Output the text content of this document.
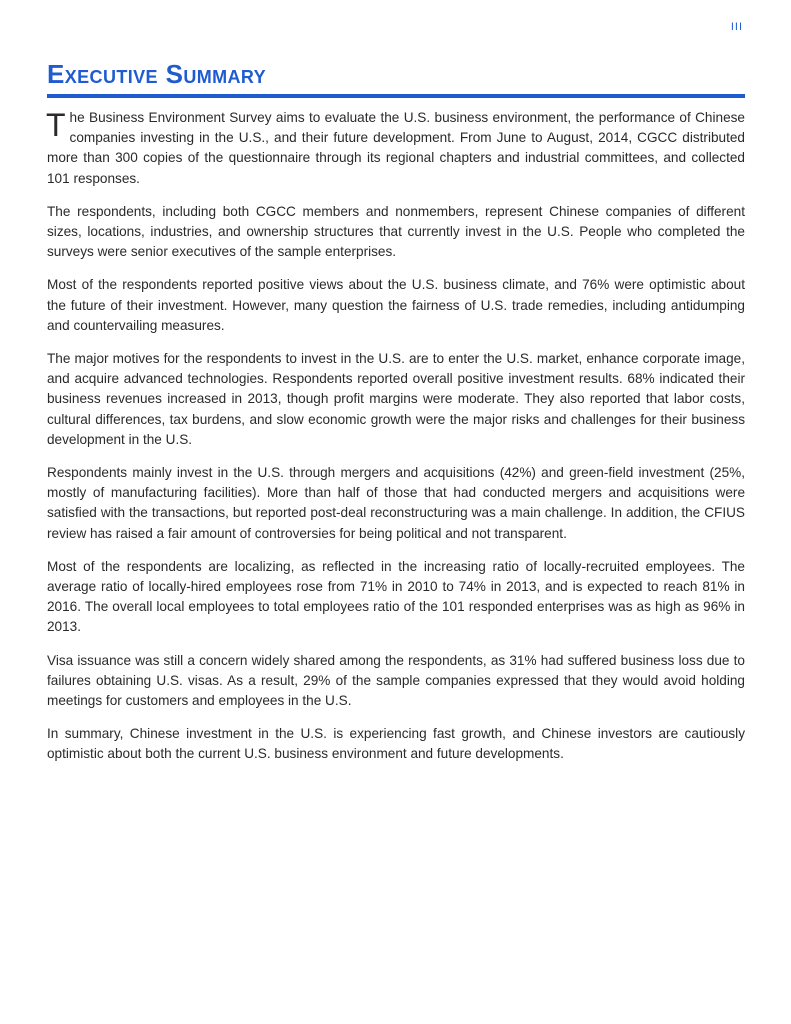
III
Executive Summary

The Business Environment Survey aims to evaluate the U.S. business environment, the performance of Chinese companies investing in the U.S., and their future development. From June to August, 2014, CGCC distributed more than 300 copies of the questionnaire through its regional chapters and industrial committees, and collected 101 responses.

The respondents, including both CGCC members and nonmembers, represent Chinese companies of different sizes, locations, industries, and ownership structures that currently invest in the U.S. People who completed the surveys were senior executives of the sample enterprises.

Most of the respondents reported positive views about the U.S. business climate, and 76% were optimistic about the future of their investment. However, many question the fairness of U.S. trade remedies, including antidumping and countervailing measures.

The major motives for the respondents to invest in the U.S. are to enter the U.S. market, enhance corporate image, and acquire advanced technologies. Respondents reported overall positive investment results. 68% indicated their business revenues increased in 2013, though profit margins were moderate. They also reported that labor costs, cultural differences, tax burdens, and slow economic growth were the major risks and challenges for their business development in the U.S.

Respondents mainly invest in the U.S. through mergers and acquisitions (42%) and green-field investment (25%, mostly of manufacturing facilities). More than half of those that had conducted mergers and acquisitions were satisfied with the transactions, but reported post-deal reconstructuring was a main challenge. In addition, the CFIUS review has raised a fair amount of controversies for being political and not transparent.

Most of the respondents are localizing, as reflected in the increasing ratio of locally-recruited employees. The average ratio of locally-hired employees rose from 71% in 2010 to 74% in 2013, and is expected to reach 81% in 2016. The overall local employees to total employees ratio of the 101 responded enterprises was as high as 96% in 2013.

Visa issuance was still a concern widely shared among the respondents, as 31% had suffered business loss due to failures obtaining U.S. visas. As a result, 29% of the sample companies expressed that they would avoid holding meetings for customers and employees in the U.S.

In summary, Chinese investment in the U.S. is experiencing fast growth, and Chinese investors are cautiously optimistic about both the current U.S. business environment and future developments.
